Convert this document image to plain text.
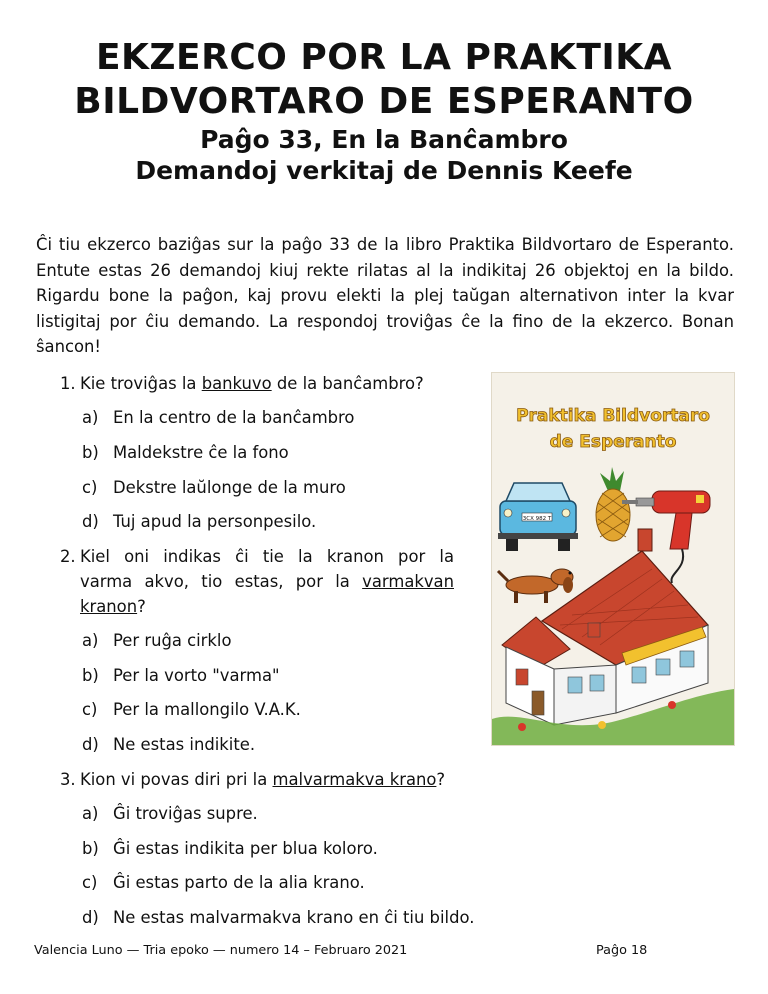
EKZERCO POR LA PRAKTIKA
BILDVORTARO DE ESPERANTO
Paĝo 33, En la Banĉambro
Demandoj verkitaj de Dennis Keefe

Ĉi tiu ekzerco baziĝas sur la paĝo 33 de la libro Praktika Bildvortaro de Esperanto. Entute estas 26 demandoj kiuj rekte rilatas al la indikitaj 26 objektoj en la bildo. Rigardu bone la paĝon, kaj provu elekti la plej taŭgan alternativon inter la kvar listigitaj por ĉiu demando. La respondoj troviĝas ĉe la fino de la ekzerco. Bonan ŝancon!

1. Kie troviĝas la bankuvo de la banĉambro?
a) En la centro de la banĉambro
b) Maldekstre ĉe la fono
c) Dekstre laŭlonge de la muro
d) Tuj apud la personpesilo.
2. Kiel oni indikas ĉi tie la kranon por la
varma akvo, tio estas, por la varmakvan
kranon?
a) Per ruĝa cirklo
b) Per la vorto "varma"
c) Per la mallongilo V.A.K.
d) Ne estas indikite.
3. Kion vi povas diri pri la malvarmakva krano?
a) Ĝi troviĝas supre.
b) Ĝi estas indikita per blua koloro.
c) Ĝi estas parto de la alia krano.
d) Ne estas malvarmakva krano en ĉi tiu bildo.
Praktika Bildvortaro
de Esperanto
3CX 982 T
Valencia Luno — Tria epoko — numero 14 – Februaro 2021	Paĝo 18
